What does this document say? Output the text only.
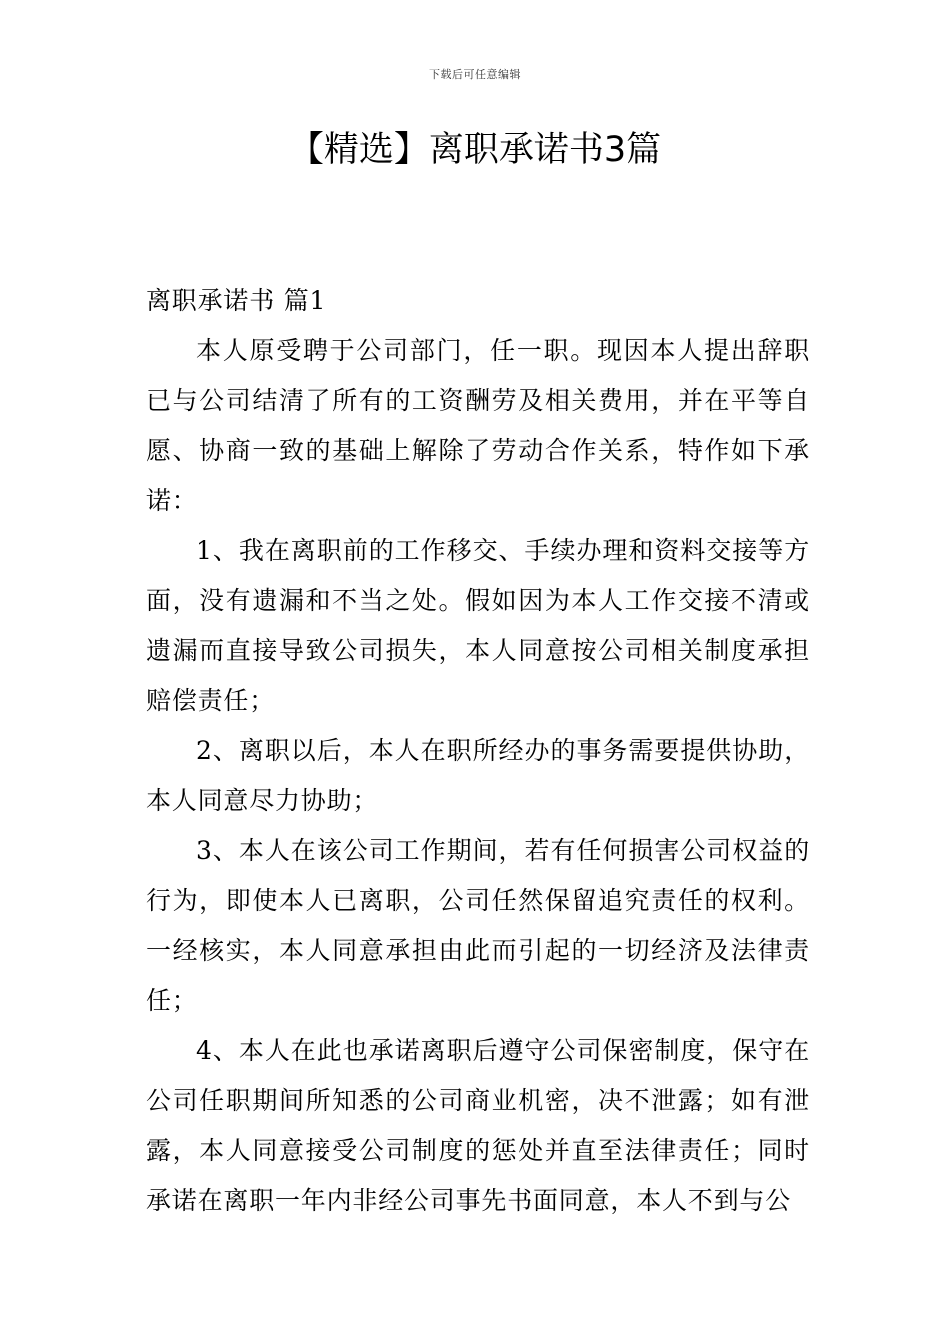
下载后可任意编辑
【精选】离职承诺书3篇
离职承诺书 篇1

本人原受聘于公司部门，任一职。现因本人提出辞职已与公司结清了所有的工资酬劳及相关费用，并在平等自愿、协商一致的基础上解除了劳动合作关系，特作如下承诺：

1、我在离职前的工作移交、手续办理和资料交接等方面，没有遗漏和不当之处。假如因为本人工作交接不清或遗漏而直接导致公司损失，本人同意按公司相关制度承担赔偿责任；

2、离职以后，本人在职所经办的事务需要提供协助，本人同意尽力协助；

3、本人在该公司工作期间，若有任何损害公司权益的行为，即使本人已离职，公司任然保留追究责任的权利。一经核实，本人同意承担由此而引起的一切经济及法律责任；

4、本人在此也承诺离职后遵守公司保密制度，保守在公司任职期间所知悉的公司商业机密，决不泄露；如有泄露，本人同意接受公司制度的惩处并直至法律责任；同时承诺在离职一年内非经公司事先书面同意，本人不到与公
